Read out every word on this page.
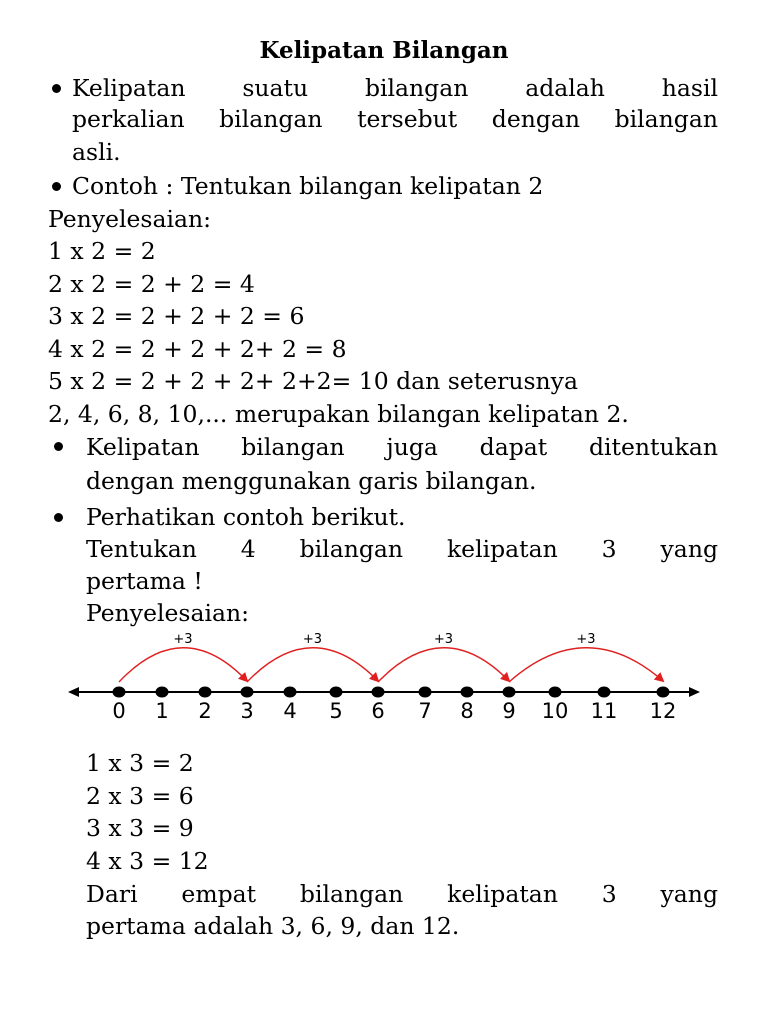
Kelipatan Bilangan
Kelipatan suatu bilangan adalah hasil
perkalian bilangan tersebut dengan bilangan
asli.
Contoh : Tentukan bilangan kelipatan 2
Penyelesaian:
1 x 2 = 2
2 x 2 = 2 + 2 = 4
3 x 2 = 2 + 2 + 2 = 6
4 x 2 = 2 + 2 + 2+ 2 = 8
5 x 2 = 2 + 2 + 2+ 2+2= 10 dan seterusnya
2, 4, 6, 8, 10,... merupakan bilangan kelipatan 2.
Kelipatan bilangan juga dapat ditentukan
dengan menggunakan garis bilangan.
Perhatikan contoh berikut.
Tentukan 4 bilangan kelipatan 3 yang
pertama !
Penyelesaian:
+3	+3	+3	+3
0 1 2 3 4 5 6 7 8 9 10 11 12
1 x 3 = 2
2 x 3 = 6
3 x 3 = 9
4 x 3 = 12
Dari empat bilangan kelipatan 3 yang
pertama adalah 3, 6, 9, dan 12.
